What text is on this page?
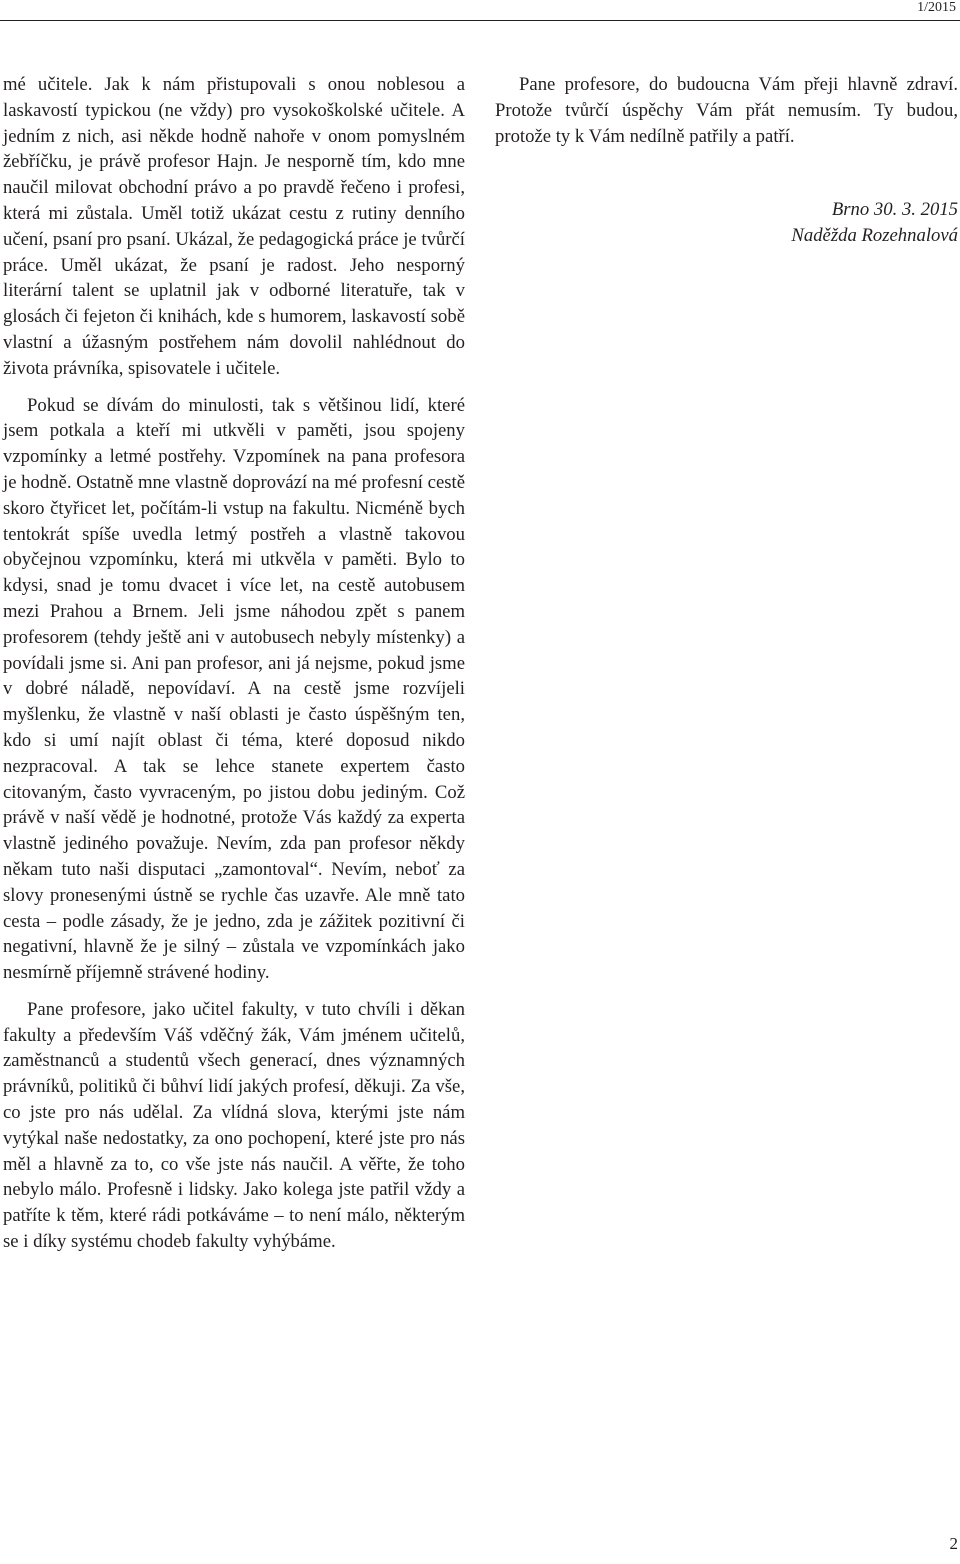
1/2015

mé učitele. Jak k nám přistupovali s onou noblesou a laskavostí typickou (ne vždy) pro vysokoškolské učitele. A jedním z nich, asi někde hodně nahoře v onom pomyslném žebříčku, je právě profesor Hajn. Je nesporně tím, kdo mne naučil milovat obchodní právo a po pravdě řečeno i profesi, která mi zůstala. Uměl totiž ukázat cestu z rutiny denního učení, psaní pro psaní. Ukázal, že pedagogická práce je tvůrčí práce. Uměl ukázat, že psaní je radost. Jeho nesporný literární talent se uplatnil jak v odborné literatuře, tak v glosách či fejeton či knihách, kde s humorem, laskavostí sobě vlastní a úžasným postřehem nám dovolil nahlédnout do života právníka, spisovatele i učitele.

Pokud se dívám do minulosti, tak s většinou lidí, které jsem potkala a kteří mi utkvěli v paměti, jsou spojeny vzpomínky a letmé postřehy. Vzpomínek na pana profesora je hodně. Ostatně mne vlastně doprovází na mé profesní cestě skoro čtyřicet let, počítám-li vstup na fakultu. Nicméně bych tentokrát spíše uvedla letmý postřeh a vlastně takovou obyčejnou vzpomínku, která mi utkvěla v paměti. Bylo to kdysi, snad je tomu dvacet i více let, na cestě autobusem mezi Prahou a Brnem. Jeli jsme náhodou zpět s panem profesorem (tehdy ještě ani v autobusech nebyly místenky) a povídali jsme si. Ani pan profesor, ani já nejsme, pokud jsme v dobré náladě, nepovídaví. A na cestě jsme rozvíjeli myšlenku, že vlastně v naší oblasti je často úspěšným ten, kdo si umí najít oblast či téma, které doposud nikdo nezpracoval. A tak se lehce stanete expertem často citovaným, často vyvraceným, po jistou dobu jediným. Což právě v naší vědě je hodnotné, protože Vás každý za experta vlastně jediného považuje. Nevím, zda pan profesor někdy někam tuto naši disputaci „zamontoval“. Nevím, neboť za slovy pronesenými ústně se rychle čas uzavře. Ale mně tato cesta – podle zásady, že je jedno, zda je zážitek pozitivní či negativní, hlavně že je silný – zůstala ve vzpomínkách jako nesmírně příjemně strávené hodiny.

Pane profesore, jako učitel fakulty, v tuto chvíli i děkan fakulty a především Váš vděčný žák, Vám jménem učitelů, zaměstnanců a studentů všech generací, dnes významných právníků, politiků či bůhví lidí jakých profesí, děkuji. Za vše, co jste pro nás udělal. Za vlídná slova, kterými jste nám vytýkal naše nedostatky, za ono pochopení, které jste pro nás měl a hlavně za to, co vše jste nás naučil. A věřte, že toho nebylo málo. Profesně i lidsky. Jako kolega jste patřil vždy a patříte k těm, které rádi potkáváme – to není málo, některým se i díky systému chodeb fakulty vyhýbáme.

Pane profesore, do budoucna Vám přeji hlavně zdraví. Protože tvůrčí úspěchy Vám přát nemusím. Ty budou, protože ty k Vám nedílně patřily a patří.

Brno 30. 3. 2015
Naděžda Rozehnalová
2
